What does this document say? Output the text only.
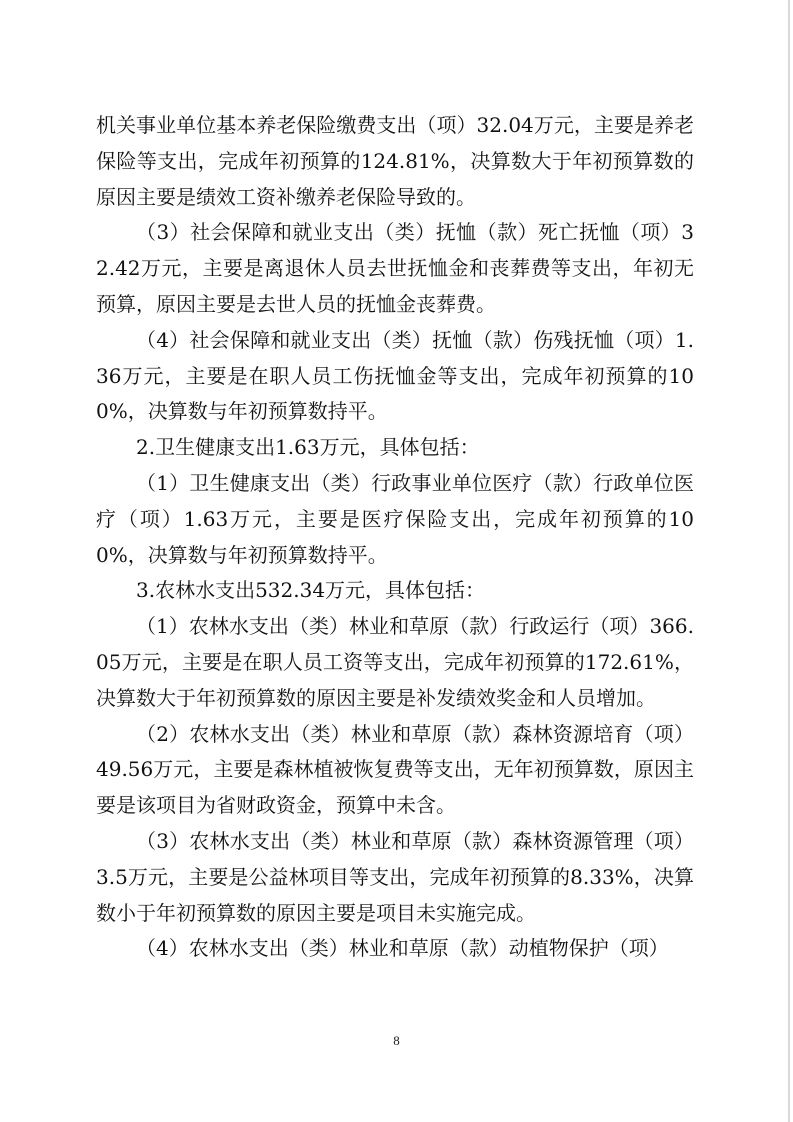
机关事业单位基本养老保险缴费支出（项）32.04万元，主要是养老保险等支出，完成年初预算的124.81%，决算数大于年初预算数的原因主要是绩效工资补缴养老保险导致的。

（3）社会保障和就业支出（类）抚恤（款）死亡抚恤（项）32.42万元，主要是离退休人员去世抚恤金和丧葬费等支出，年初无预算，原因主要是去世人员的抚恤金丧葬费。

（4）社会保障和就业支出（类）抚恤（款）伤残抚恤（项）1.36万元，主要是在职人员工伤抚恤金等支出，完成年初预算的100%，决算数与年初预算数持平。

2.卫生健康支出1.63万元，具体包括：

（1）卫生健康支出（类）行政事业单位医疗（款）行政单位医疗（项）1.63万元，主要是医疗保险支出，完成年初预算的100%，决算数与年初预算数持平。

3.农林水支出532.34万元，具体包括：

（1）农林水支出（类）林业和草原（款）行政运行（项）366.05万元，主要是在职人员工资等支出，完成年初预算的172.61%，决算数大于年初预算数的原因主要是补发绩效奖金和人员增加。

（2）农林水支出（类）林业和草原（款）森林资源培育（项）49.56万元，主要是森林植被恢复费等支出，无年初预算数，原因主要是该项目为省财政资金，预算中未含。

（3）农林水支出（类）林业和草原（款）森林资源管理（项）3.5万元，主要是公益林项目等支出，完成年初预算的8.33%，决算数小于年初预算数的原因主要是项目未实施完成。

（4）农林水支出（类）林业和草原（款）动植物保护（项）

8
